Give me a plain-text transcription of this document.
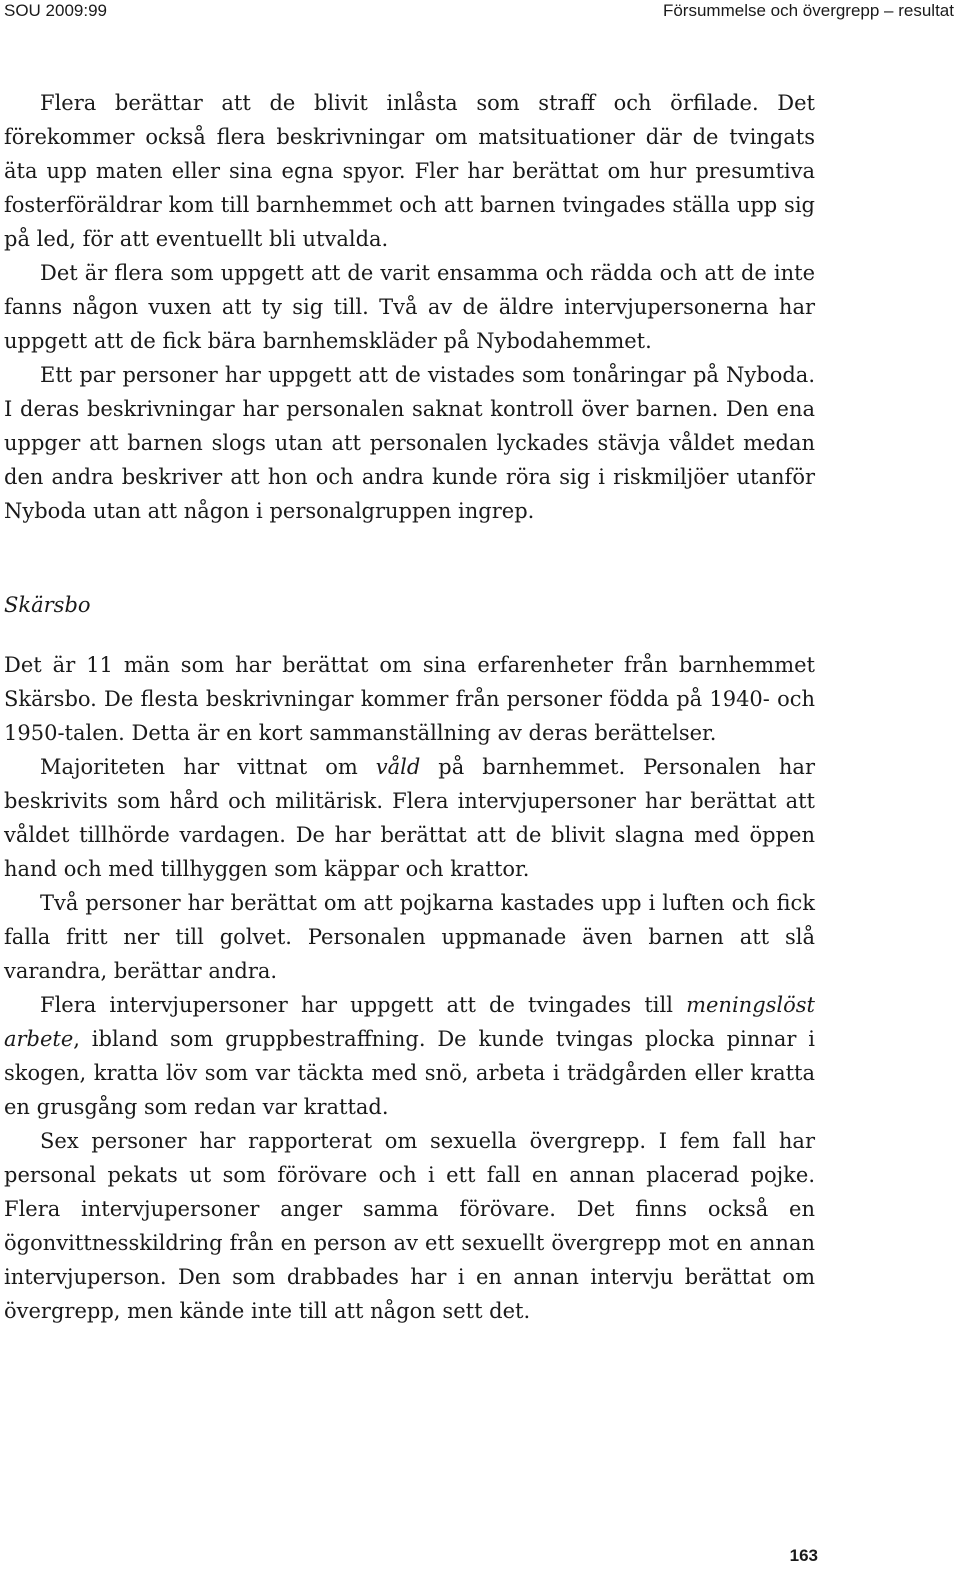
SOU 2009:99	Försummelse och övergrepp – resultat

Flera berättar att de blivit inlåsta som straff och örfilade. Det förekommer också flera beskrivningar om matsituationer där de tvingats äta upp maten eller sina egna spyor. Fler har berättat om hur presumtiva fosterföräldrar kom till barnhemmet och att barnen tvingades ställa upp sig på led, för att eventuellt bli utvalda.

Det är flera som uppgett att de varit ensamma och rädda och att de inte fanns någon vuxen att ty sig till. Två av de äldre intervjupersonerna har uppgett att de fick bära barnhemskläder på Nybodahemmet.

Ett par personer har uppgett att de vistades som tonåringar på Nyboda. I deras beskrivningar har personalen saknat kontroll över barnen. Den ena uppger att barnen slogs utan att personalen lyckades stävja våldet medan den andra beskriver att hon och andra kunde röra sig i riskmiljöer utanför Nyboda utan att någon i personalgruppen ingrep.

Skärsbo

Det är 11 män som har berättat om sina erfarenheter från barnhemmet Skärsbo. De flesta beskrivningar kommer från personer födda på 1940- och 1950-talen. Detta är en kort sammanställning av deras berättelser.

Majoriteten har vittnat om våld på barnhemmet. Personalen har beskrivits som hård och militärisk. Flera intervjupersoner har berättat att våldet tillhörde vardagen. De har berättat att de blivit slagna med öppen hand och med tillhyggen som käppar och krattor.

Två personer har berättat om att pojkarna kastades upp i luften och fick falla fritt ner till golvet. Personalen uppmanade även barnen att slå varandra, berättar andra.

Flera intervjupersoner har uppgett att de tvingades till meningslöst arbete, ibland som gruppbestraffning. De kunde tvingas plocka pinnar i skogen, kratta löv som var täckta med snö, arbeta i trädgården eller kratta en grusgång som redan var krattad.

Sex personer har rapporterat om sexuella övergrepp. I fem fall har personal pekats ut som förövare och i ett fall en annan placerad pojke. Flera intervjupersoner anger samma förövare. Det finns också en ögonvittnesskildring från en person av ett sexuellt övergrepp mot en annan intervjuperson. Den som drabbades har i en annan intervju berättat om övergrepp, men kände inte till att någon sett det.

163
